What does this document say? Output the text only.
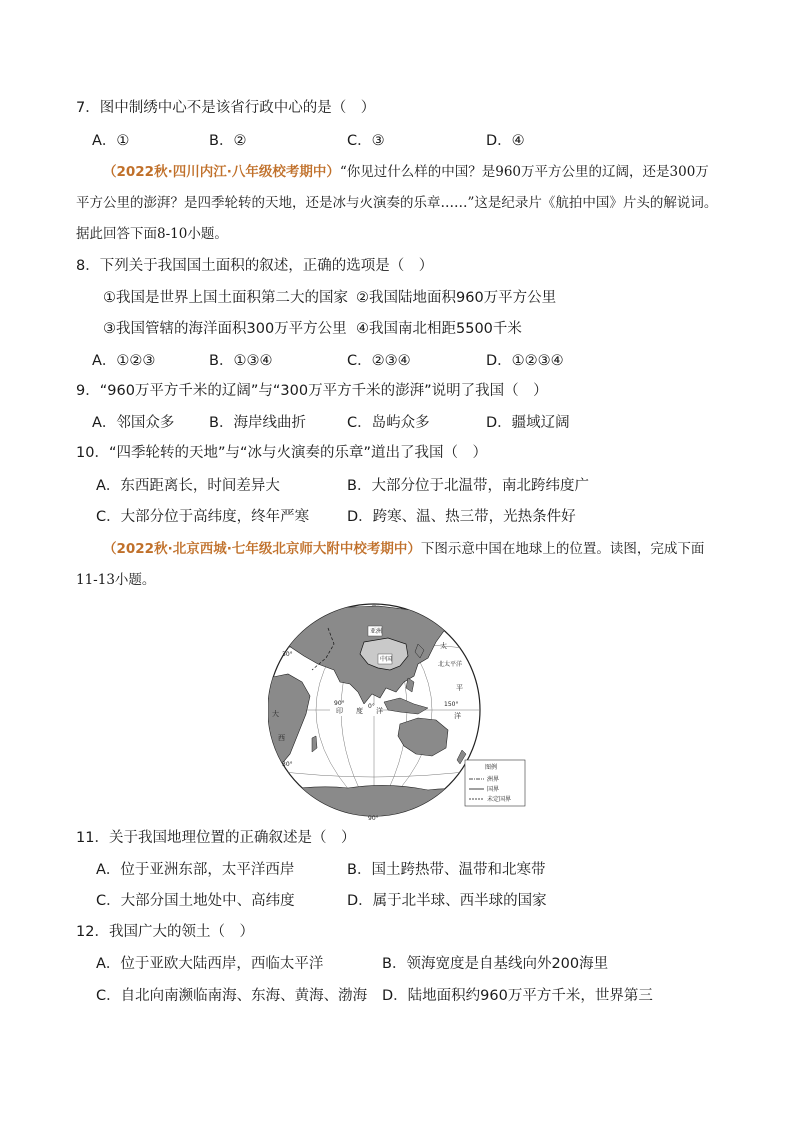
7．图中制绣中心不是该省行政中心的是（　）
A．①	B．②	C．③	D．④
（2022秋·四川内江·八年级校考期中）“你见过什么样的中国？是960万平方公里的辽阔，还是300万
平方公里的澎湃？是四季轮转的天地，还是冰与火演奏的乐章……”这是纪录片《航拍中国》片头的解说词。
据此回答下面8-10小题。
8．下列关于我国国土面积的叙述，正确的选项是（　）
①我国是世界上国土面积第二大的国家 ②我国陆地面积960万平方公里
③我国管辖的海洋面积300万平方公里 ④我国南北相距5500千米
A．①②③	B．①③④	C．②③④	D．①②③④
9．“960万平方千米的辽阔”与“300万平方千米的澎湃”说明了我国（　）
A．邻国众多 B．海岸线曲折	C．岛屿众多	D．疆域辽阔
10．“四季轮转的天地”与“冰与火演奏的乐章”道出了我国（　）
A．东西距离长，时间差异大	B．大部分位于北温带，南北跨纬度广
C．大部分位于高纬度，终年严寒	D．跨寒、温、热三带，光热条件好
（2022秋·北京西城·七年级北京师大附中校考期中）下图示意中国在地球上的位置。读图，完成下面
11-13小题。
亚洲
中国
太
平
洋
北太平洋
印 度 洋
大
西
30°
30°
90°	150°
90°
0°
图例
洲界
国界
未定国界
11．关于我国地理位置的正确叙述是（　）
A．位于亚洲东部，太平洋西岸	B．国土跨热带、温带和北寒带
C．大部分国土地处中、高纬度	D．属于北半球、西半球的国家
12．我国广大的领土（　）
A．位于亚欧大陆西岸，西临太平洋	B．领海宽度是自基线向外200海里
C．自北向南濒临南海、东海、黄海、渤海 D．陆地面积约960万平方千米，世界第三
